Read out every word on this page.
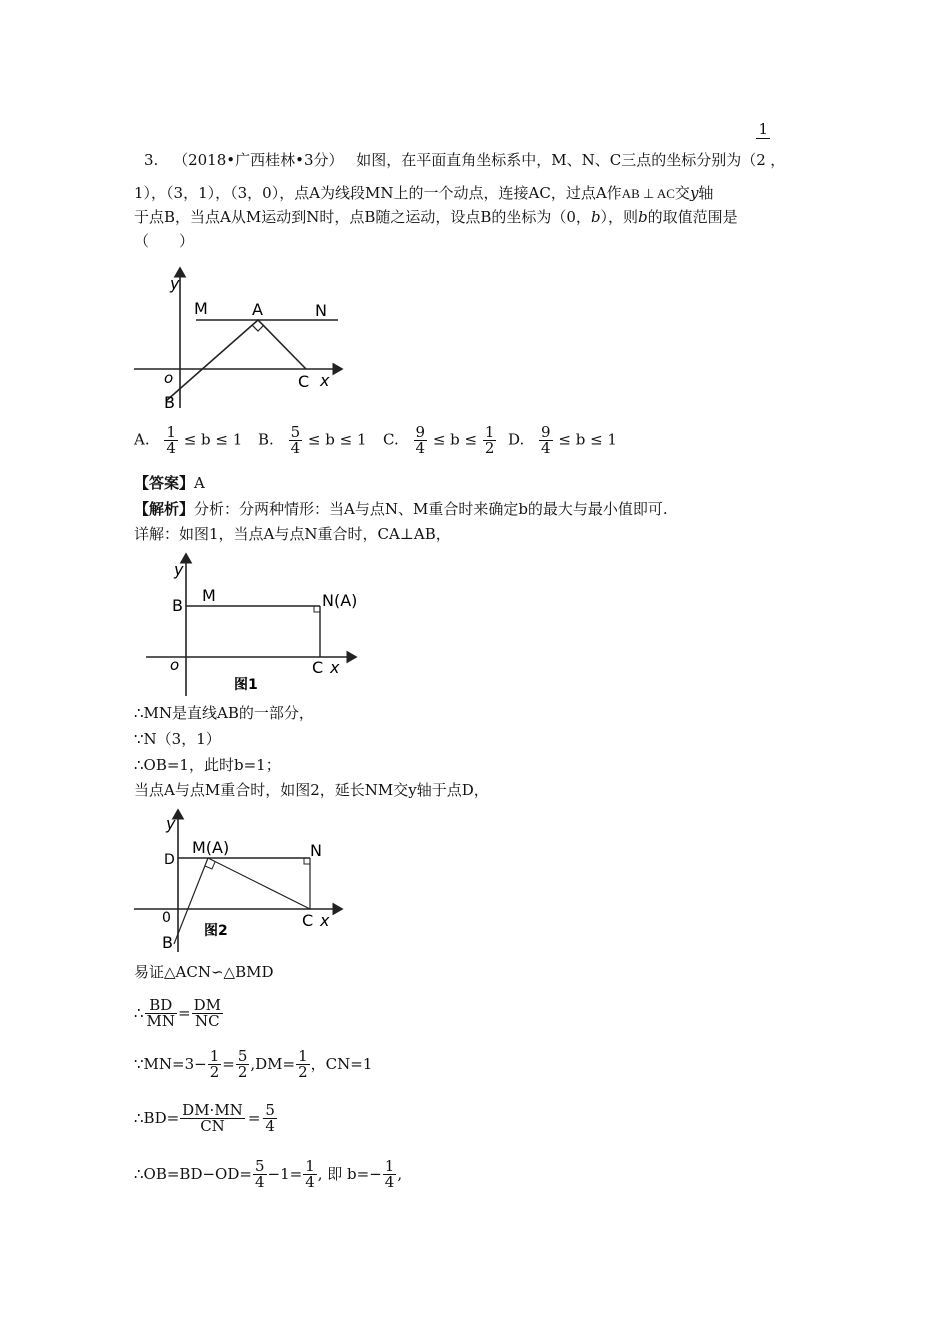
3. （2018•广西桂林•3分） 如图，在平面直角坐标系中，M、N、C三点的坐标分别为（ $\frac{1}{2}$，
1），（3，1），（3，0），点A为线段MN上的一个动点，连接AC，过点A作AB ⊥ AC交y轴
于点B，当点A从M运动到N时，点B随之运动，设点B的坐标为（0，b），则b的取值范围是
（　　）
y
M	A	N
o	C x
B
A. $\frac{1}{4} \le b \le 1$ B. $\frac{5}{4} \le b \le 1$ C. $\frac{9}{4} \le b \le \frac{1}{2} D$. $\frac{9}{4} \le b \le 1$
【答案】A
【解析】分析：分两种情形：当A与点N、M重合时来确定b的最大与最小值即可.
详解：如图1，当点A与点N重合时，CA⊥AB，
y
B
M	N(A)
o	C x
图1
∴MN是直线AB的一部分，
∵N（3，1）
∴OB=1，此时b=1；
当点A与点M重合时，如图2，延长NM交y轴于点D，
y
D
M(A)	N
0	C x
图2
B
易证△ACN∽△BMD
∴ $\frac{BD}{MN} = \frac{DM}{NC}$
∵MN=3− $\frac{1}{2} = \frac{5}{2} ,DM= \frac{1}{2}$ ，CN=1
∴BD= $\frac{DM\cdot MN}{CN} = \frac{5}{4}$
∴OB=BD−OD= $\frac{5}{4} -1= \frac{1}{4}$ , 即 $b=- \frac{1}{4}$ ,
